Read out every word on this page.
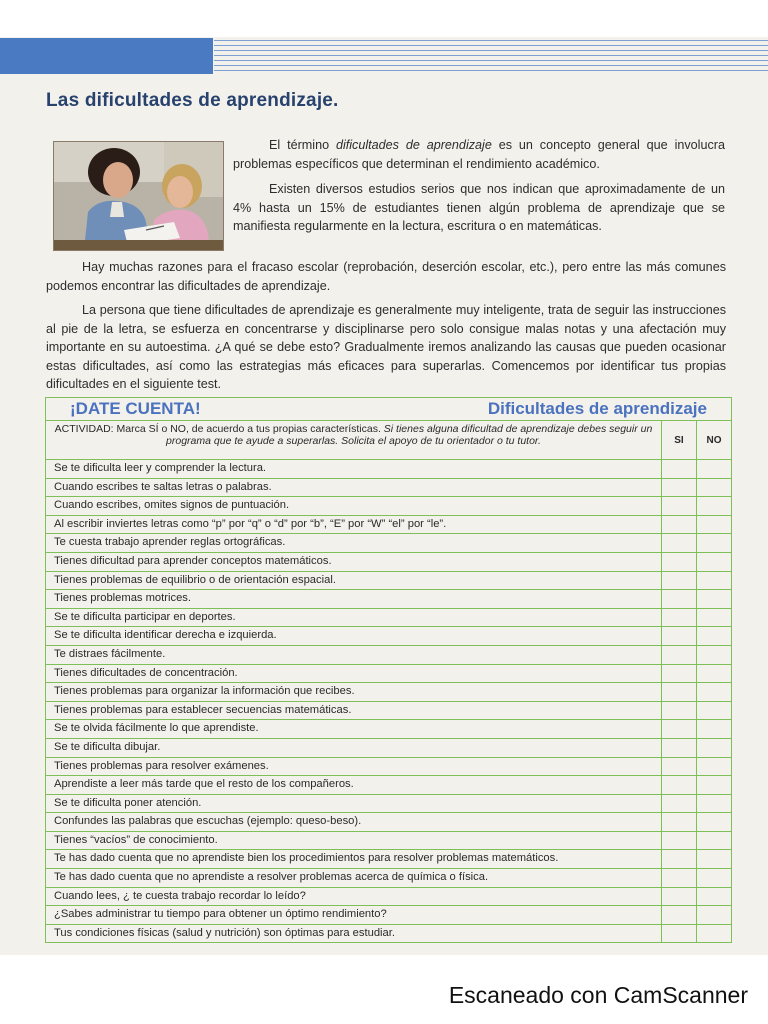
Las dificultades de aprendizaje.

El término dificultades de aprendizaje es un concepto general que involucra problemas específicos que determinan el rendimiento académico.

Existen diversos estudios serios que nos indican que aproximadamente de un 4% hasta un 15% de estudiantes tienen algún problema de aprendizaje que se manifiesta regularmente en la lectura, escritura o en matemáticas.

Hay muchas razones para el fracaso escolar (reprobación, deserción escolar, etc.), pero entre las más comunes podemos encontrar las dificultades de aprendizaje.

La persona que tiene dificultades de aprendizaje es generalmente muy inteligente, trata de seguir las instrucciones al pie de la letra, se esfuerza en concentrarse y disciplinarse pero solo consigue malas notas y una afectación muy importante en su autoestima. ¿A qué se debe esto? Gradualmente iremos analizando las causas que pueden ocasionar estas dificultades, así como las estrategias más eficaces para superarlas. Comencemos por identificar tus propias dificultades en el siguiente test.

¡DATE CUENTA!	Dificultades de aprendizaje
ACTIVIDAD: Marca SÍ o NO, de acuerdo a tus propias características. Si tienes alguna dificultad de aprendizaje debes seguir un programa que te ayude a superarlas. Solicita el apoyo de tu orientador o tu tutor.	SI	NO
Se te dificulta leer y comprender la lectura.
Cuando escribes te saltas letras o palabras.
Cuando escribes, omites signos de puntuación.
Al escribir inviertes letras como “p” por “q” o “d” por “b”, “E” por “W” “el” por “le”.
Te cuesta trabajo aprender reglas ortográficas.
Tienes dificultad para aprender conceptos matemáticos.
Tienes problemas de equilibrio o de orientación espacial.
Tienes problemas motrices.
Se te dificulta participar en deportes.
Se te dificulta identificar derecha e izquierda.
Te distraes fácilmente.
Tienes dificultades de concentración.
Tienes problemas para organizar la información que recibes.
Tienes problemas para establecer secuencias matemáticas.
Se te olvida fácilmente lo que aprendiste.
Se te dificulta dibujar.
Tienes problemas para resolver exámenes.
Aprendiste a leer más tarde que el resto de los compañeros.
Se te dificulta poner atención.
Confundes las palabras que escuchas (ejemplo: queso-beso).
Tienes “vacíos” de conocimiento.
Te has dado cuenta que no aprendiste bien los procedimientos para resolver problemas matemáticos.
Te has dado cuenta que no aprendiste a resolver problemas acerca de química o física.
Cuando lees, ¿ te cuesta trabajo recordar lo leído?
¿Sabes administrar tu tiempo para obtener un óptimo rendimiento?
Tus condiciones físicas (salud y nutrición) son óptimas para estudiar.
Escaneado con CamScanner
